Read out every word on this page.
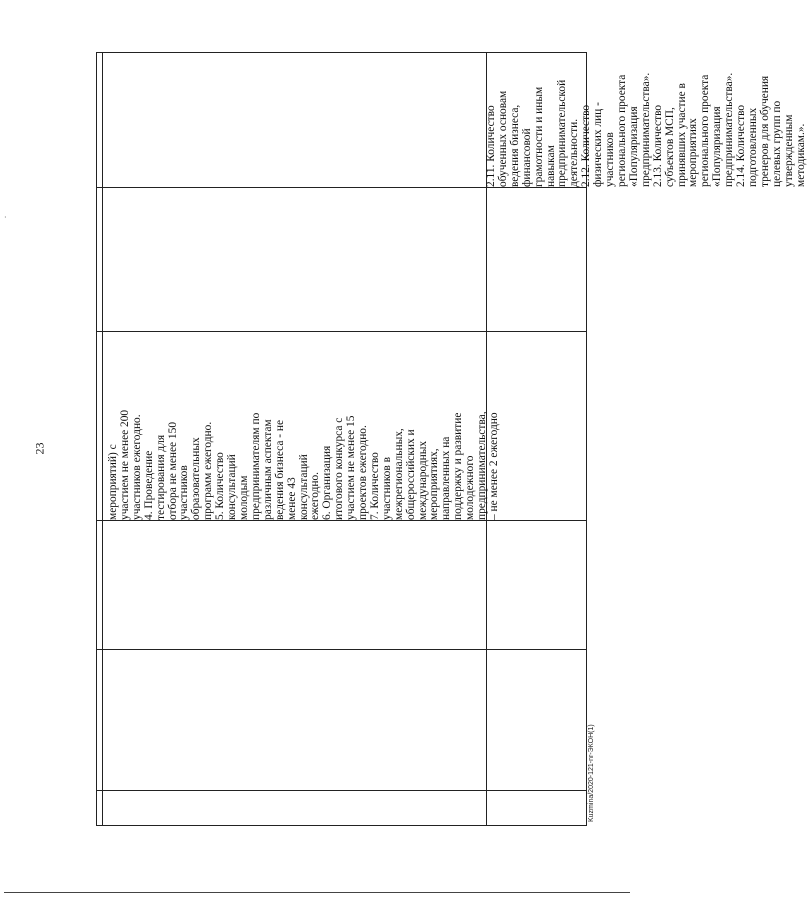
·
23	мероприятий) с участием не менее 200 участников ежегодно. 4. Проведение тестирования для отбора не менее 150 участников образовательных программ ежегодно. 5. Количество консультаций молодым предпринимателям по различным аспектам ведения бизнеса - не менее 43 консультаций ежегодно. 6. Организация итогового конкурса с участием не менее 15 проектов ежегодно. 7. Количество участников в межрегиональных, общероссийских и международных мероприятиях, направленных на поддержку и развитие молодежного предпринимательства, – не менее 2 ежегодно
2.11. Количество обученных основам ведения бизнеса, финансовой грамотности и иным навыкам предпринимательской деятельности. 2.12. Количество физических лиц - участников регионального проекта «Популяризация предпринимательства». 2.13. Количество субъектов МСП, принявших участие в мероприятиях регионального проекта «Популяризация предпринимательства». 2.14. Количество подготовленных тренеров для обучения целевых групп по утвержденным методикам.».
Kuzmina/2020-121-nr-ЭКОН(1)
